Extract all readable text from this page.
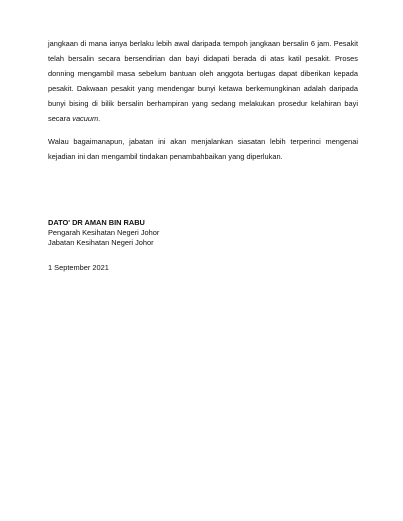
jangkaan di mana ianya berlaku lebih awal daripada tempoh jangkaan bersalin 6 jam. Pesakit telah bersalin secara bersendirian dan bayi didapati berada di atas katil pesakit. Proses donning mengambil masa sebelum bantuan oleh anggota bertugas dapat diberikan kepada pesakit. Dakwaan pesakit yang mendengar bunyi ketawa berkemungkinan adalah daripada bunyi bising di bilik bersalin berhampiran yang sedang melakukan prosedur kelahiran bayi secara vacuum.

Walau bagaimanapun, jabatan ini akan menjalankan siasatan lebih terperinci mengenai kejadian ini dan mengambil tindakan penambahbaikan yang diperlukan.

DATO' DR AMAN BIN RABU
Pengarah Kesihatan Negeri Johor
Jabatan Kesihatan Negeri Johor
1 September 2021
